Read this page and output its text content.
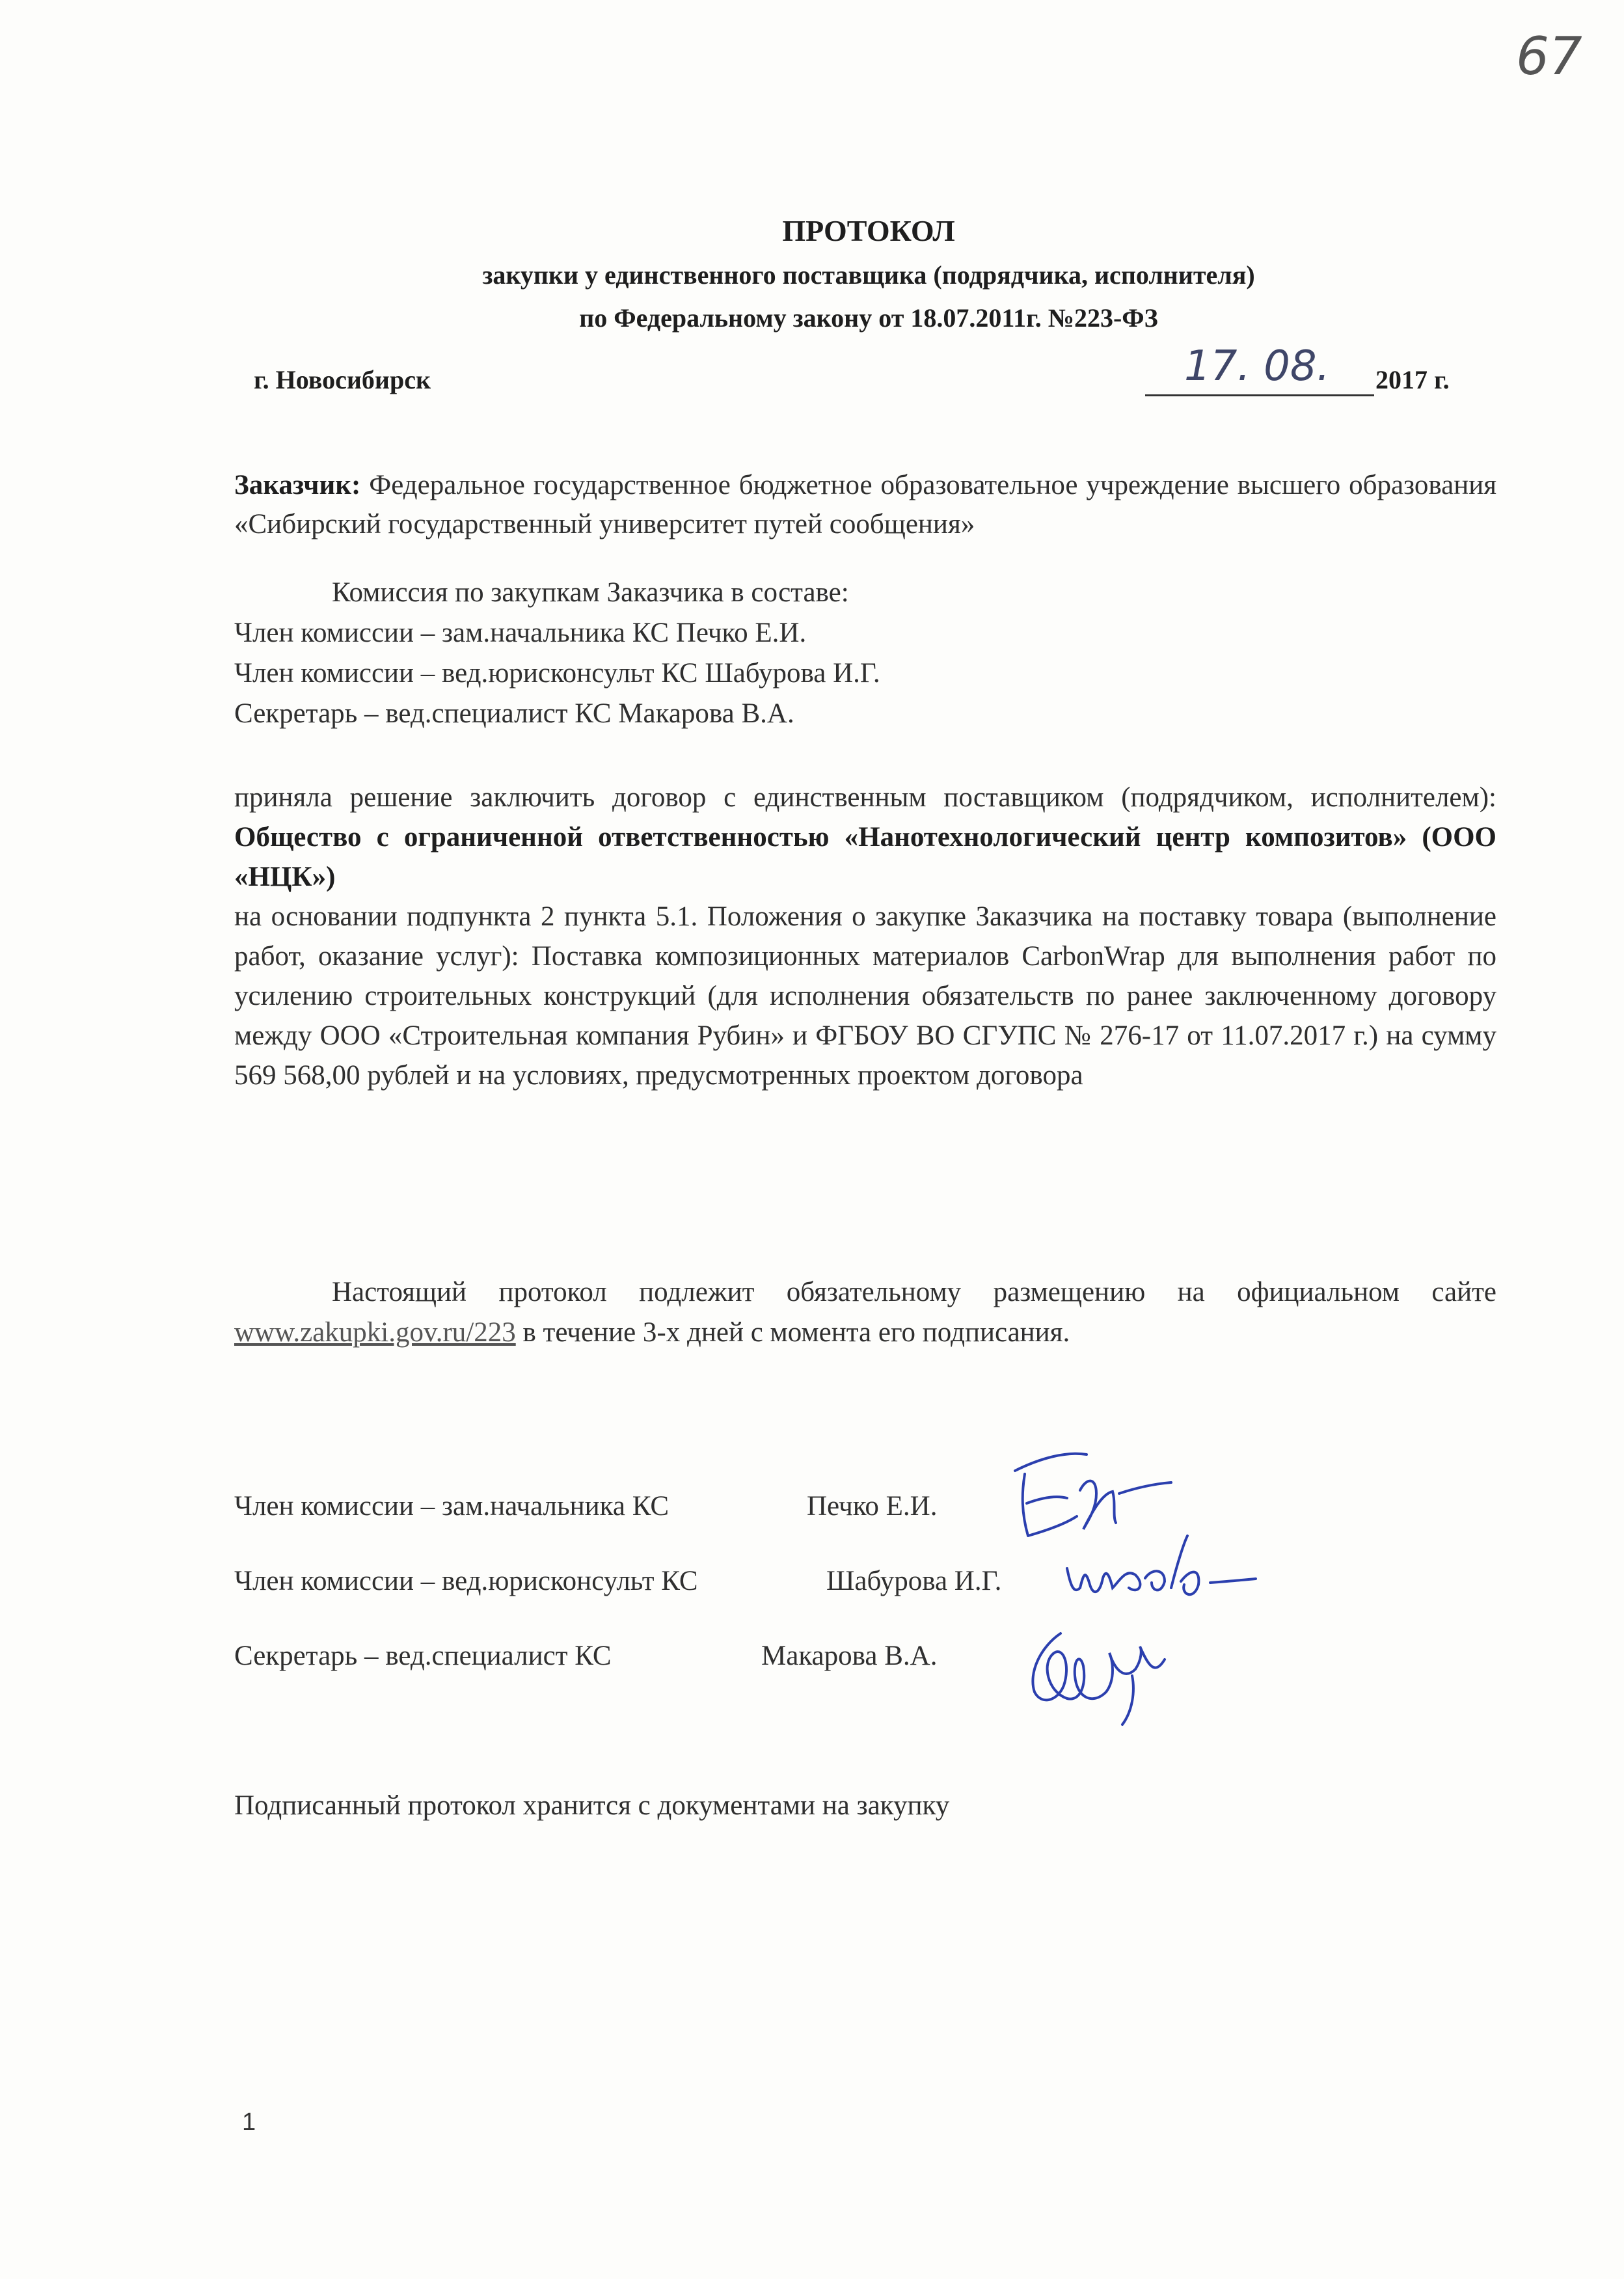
67
ПРОТОКОЛ
закупки у единственного поставщика (подрядчика, исполнителя)
по Федеральному закону от 18.07.2011г. №223-ФЗ
г. Новосибирск	17. 08. 2017 г.
Заказчик: Федеральное государственное бюджетное образовательное учреждение высшего образования «Сибирский государственный университет путей сообщения»
Комиссия по закупкам Заказчика в составе:
Член комиссии – зам.начальника КС Печко Е.И.
Член комиссии – вед.юрисконсульт КС Шабурова И.Г.
Секретарь – вед.специалист КС Макарова В.А.
приняла решение заключить договор с единственным поставщиком (подрядчиком, исполнителем): Общество с ограниченной ответственностью «Нанотехнологический центр композитов» (ООО «НЦК»)
на основании подпункта 2 пункта 5.1. Положения о закупке Заказчика на поставку товара (выполнение работ, оказание услуг): Поставка композиционных материалов CarbonWrap для выполнения работ по усилению строительных конструкций (для исполнения обязательств по ранее заключенному договору между ООО «Строительная компания Рубин» и ФГБОУ ВО СГУПС № 276-17 от 11.07.2017 г.) на сумму 569 568,00 рублей и на условиях, предусмотренных проектом договора
Настоящий протокол подлежит обязательному размещению на официальном сайте www.zakupki.gov.ru/223 в течение 3-х дней с момента его подписания.
Член комиссии – зам.начальника КС	Печко Е.И.
Член комиссии – вед.юрисконсульт КС	Шабурова И.Г.
Секретарь – вед.специалист КС	Макарова В.А.
Подписанный протокол хранится с документами на закупку
1
